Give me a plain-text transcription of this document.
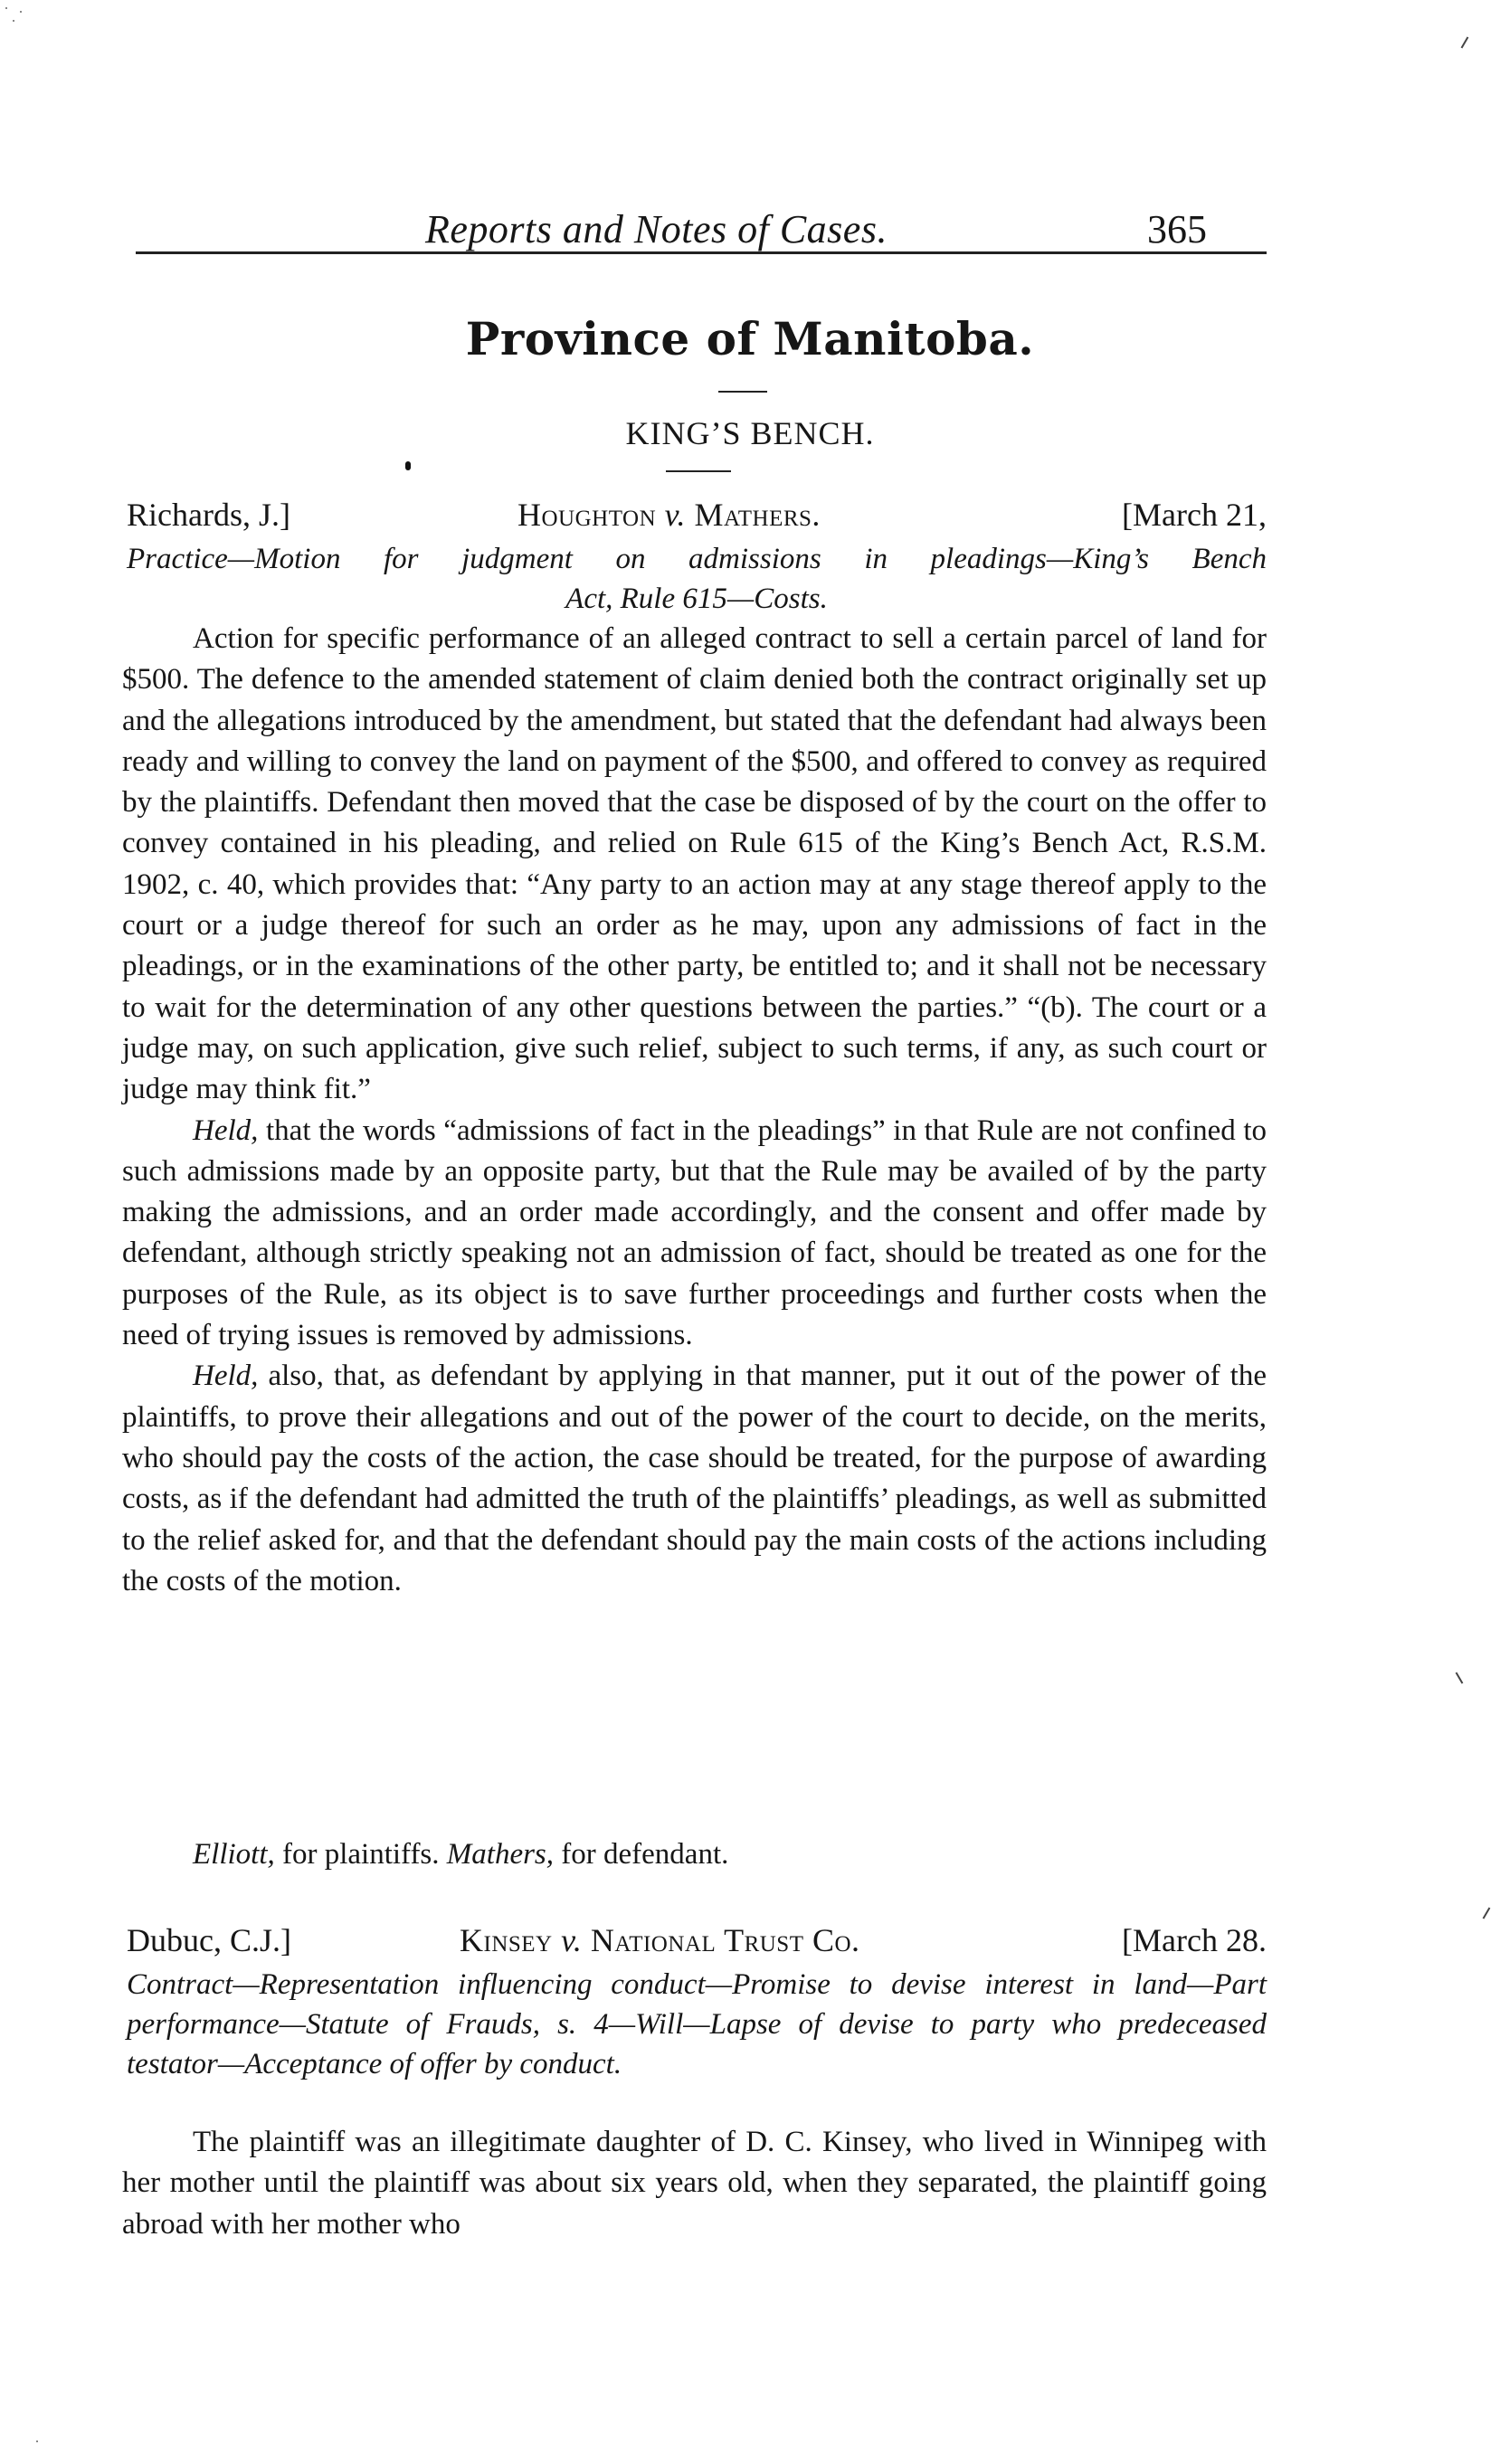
Reports and Notes of Cases.	365
Province of Manitoba.
KING’S BENCH.
Richards, J.]	Houghton v. Mathers.	[March 21,
Practice—Motion for judgment on admissions in pleadings—King’s Bench
Act, Rule 615—Costs.

Action for specific performance of an alleged contract to sell a certain parcel of land for $500. The defence to the amended statement of claim denied both the contract originally set up and the allegations introduced by the amendment, but stated that the defendant had always been ready and willing to convey the land on payment of the $500, and offered to convey as required by the plaintiffs. Defendant then moved that the case be disposed of by the court on the offer to convey contained in his pleading, and relied on Rule 615 of the King’s Bench Act, R.S.M. 1902, c. 40, which provides that: “Any party to an action may at any stage thereof apply to the court or a judge thereof for such an order as he may, upon any admissions of fact in the pleadings, or in the examinations of the other party, be entitled to; and it shall not be necessary to wait for the determination of any other questions between the parties.” “(b). The court or a judge may, on such application, give such relief, subject to such terms, if any, as such court or judge may think fit.”

Held, that the words “admissions of fact in the pleadings” in that Rule are not confined to such admissions made by an opposite party, but that the Rule may be availed of by the party making the admissions, and an order made accordingly, and the consent and offer made by defendant, although strictly speaking not an admission of fact, should be treated as one for the purposes of the Rule, as its object is to save further proceedings and further costs when the need of trying issues is removed by admissions.

Held, also, that, as defendant by applying in that manner, put it out of the power of the plaintiffs, to prove their allegations and out of the power of the court to decide, on the merits, who should pay the costs of the action, the case should be treated, for the purpose of awarding costs, as if the defendant had admitted the truth of the plaintiffs’ pleadings, as well as submitted to the relief asked for, and that the defendant should pay the main costs of the actions including the costs of the motion.

Elliott, for plaintiffs. Mathers, for defendant.
Dubuc, C.J.]	Kinsey v. National Trust Co.	[March 28.
Contract—Representation influencing conduct—Promise to devise interest in land—Part performance—Statute of Frauds, s. 4—Will—Lapse of devise to party who predeceased testator—Acceptance of offer by conduct.

The plaintiff was an illegitimate daughter of D. C. Kinsey, who lived in Winnipeg with her mother until the plaintiff was about six years old, when they separated, the plaintiff going abroad with her mother who
